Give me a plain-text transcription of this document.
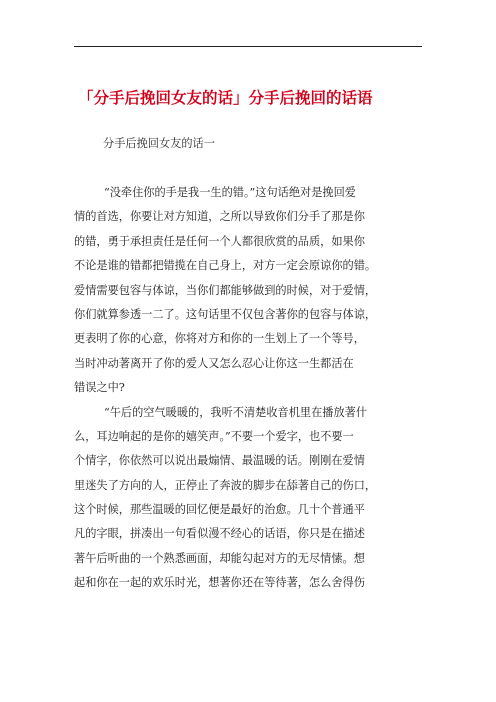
「分手后挽回女友的话」分手后挽回的话语

分手后挽回女友的话一

“没牵住你的手是我一生的错。”这句话绝对是挽回爱
情的首选，你要让对方知道，之所以导致你们分手了那是你
的错，勇于承担责任是任何一个人都很欣赏的品质，如果你
不论是谁的错都把错揽在自己身上，对方一定会原谅你的错。
爱情需要包容与体谅，当你们都能够做到的时候，对于爱情，
你们就算参透一二了。这句话里不仅包含著你的包容与体谅，
更表明了你的心意，你将对方和你的一生划上了一个等号，
当时冲动著离开了你的爱人又怎么忍心让你这一生都活在
错误之中?
“午后的空气暖暖的，我听不清楚收音机里在播放著什
么，耳边响起的是你的嬉笑声。”不要一个爱字，也不要一
个情字，你依然可以说出最煽情、最温暖的话。刚刚在爱情
里迷失了方向的人，正停止了奔波的脚步在舔著自己的伤口，
这个时候，那些温暖的回忆便是最好的治愈。几十个普通平
凡的字眼，拼凑出一句看似漫不经心的话语，你只是在描述
著午后听曲的一个熟悉画面，却能勾起对方的无尽情愫。想
起和你在一起的欢乐时光，想著你还在等待著，怎么舍得伤
